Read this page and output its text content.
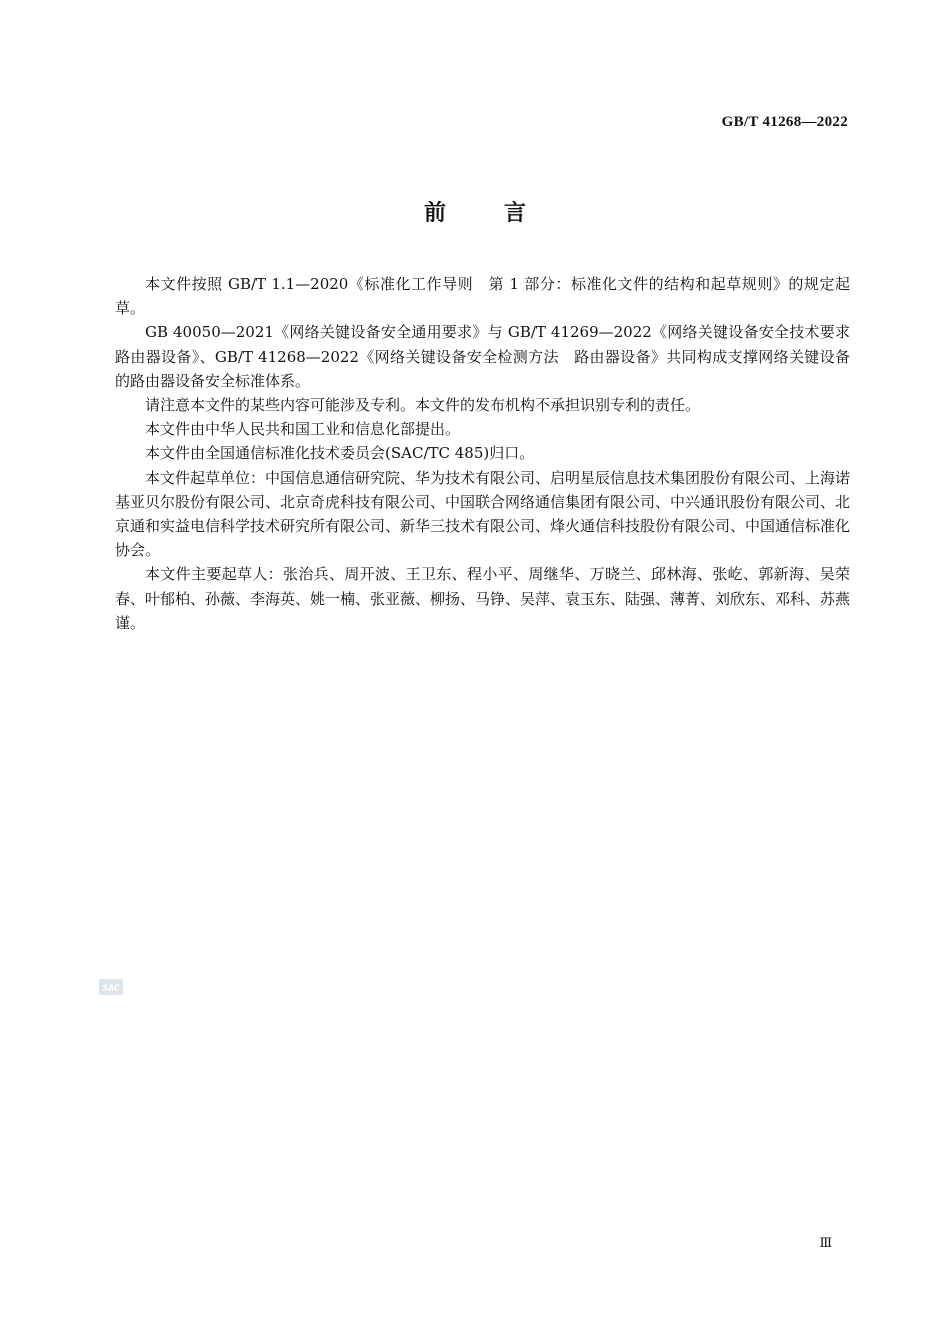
GB/T 41268—2022
前言

本文件按照 GB/T 1.1—2020《标准化工作导则　第 1 部分：标准化文件的结构和起草规则》的规定起草。

GB 40050—2021《网络关键设备安全通用要求》与 GB/T 41269—2022《网络关键设备安全技术要求　路由器设备》、GB/T 41268—2022《网络关键设备安全检测方法　路由器设备》共同构成支撑网络关键设备的路由器设备安全标准体系。

请注意本文件的某些内容可能涉及专利。本文件的发布机构不承担识别专利的责任。

本文件由中华人民共和国工业和信息化部提出。

本文件由全国通信标准化技术委员会(SAC/TC 485)归口。

本文件起草单位：中国信息通信研究院、华为技术有限公司、启明星辰信息技术集团股份有限公司、上海诺基亚贝尔股份有限公司、北京奇虎科技有限公司、中国联合网络通信集团有限公司、中兴通讯股份有限公司、北京通和实益电信科学技术研究所有限公司、新华三技术有限公司、烽火通信科技股份有限公司、中国通信标准化协会。

本文件主要起草人：张治兵、周开波、王卫东、程小平、周继华、万晓兰、邱林海、张屹、郭新海、吴荣春、叶郁柏、孙薇、李海英、姚一楠、张亚薇、柳扬、马铮、吴萍、袁玉东、陆强、薄菁、刘欣东、邓科、苏燕谨。

SAC
Ⅲ
